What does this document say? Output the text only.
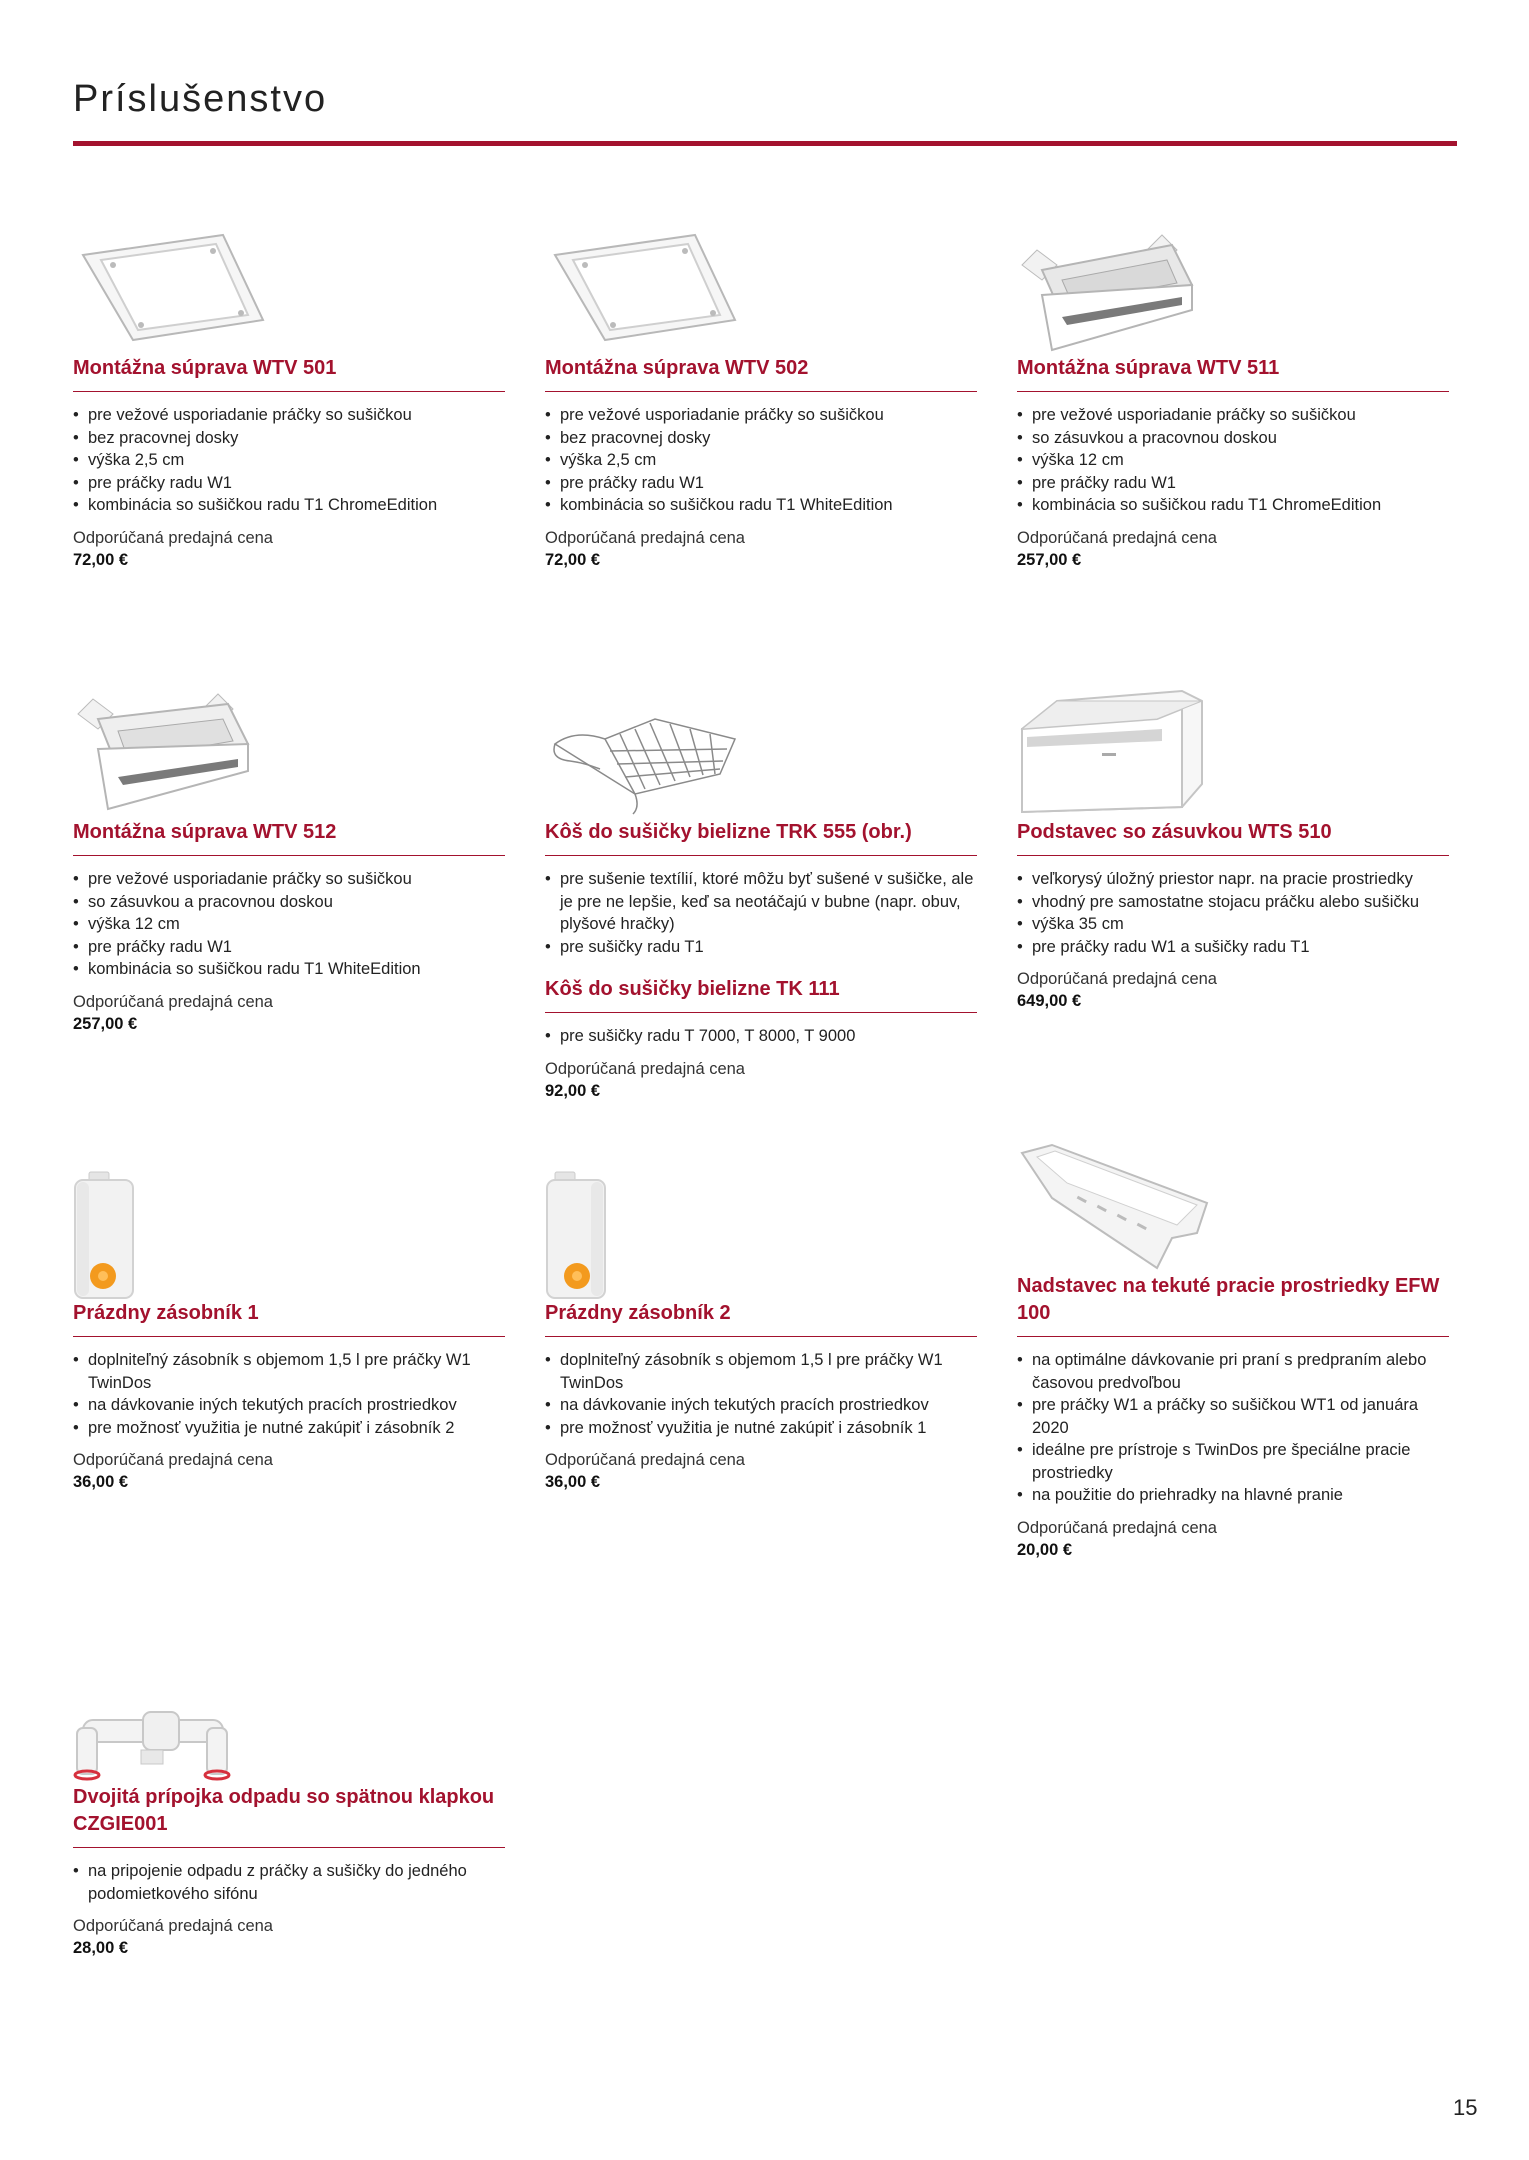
Príslušenstvo
Montážna súprava WTV 501
• pre vežové usporiadanie práčky so sušičkou
• bez pracovnej dosky
• výška 2,5 cm
• pre práčky radu W1
• kombinácia so sušičkou radu T1 ChromeEdition
Odporúčaná predajná cena
72,00 €
Montážna súprava WTV 502
• pre vežové usporiadanie práčky so sušičkou
• bez pracovnej dosky
• výška 2,5 cm
• pre práčky radu W1
• kombinácia so sušičkou radu T1 WhiteEdition
Odporúčaná predajná cena
72,00 €
Montážna súprava WTV 511
• pre vežové usporiadanie práčky so sušičkou
• so zásuvkou a pracovnou doskou
• výška 12 cm
• pre práčky radu W1
• kombinácia so sušičkou radu T1 ChromeEdition
Odporúčaná predajná cena
257,00 €
Montážna súprava WTV 512
• pre vežové usporiadanie práčky so sušičkou
• so zásuvkou a pracovnou doskou
• výška 12 cm
• pre práčky radu W1
• kombinácia so sušičkou radu T1 WhiteEdition
Odporúčaná predajná cena
257,00 €
Kôš do sušičky bielizne TRK 555 (obr.)
• pre sušenie textílií, ktoré môžu byť sušené v sušičke, ale je pre ne lepšie, keď sa neotáčajú v bubne (napr. obuv, plyšové hračky)
• pre sušičky radu T1
Kôš do sušičky bielizne TK 111
• pre sušičky radu T 7000, T 8000, T 9000
Odporúčaná predajná cena
92,00 €
Podstavec so zásuvkou WTS 510
• veľkorysý úložný priestor napr. na pracie prostriedky
• vhodný pre samostatne stojacu práčku alebo sušičku
• výška 35 cm
• pre práčky radu W1 a sušičky radu T1
Odporúčaná predajná cena
649,00 €
Prázdny zásobník 1
• doplniteľný zásobník s objemom 1,5 l pre práčky W1 TwinDos
• na dávkovanie iných tekutých pracích prostriedkov
• pre možnosť využitia je nutné zakúpiť i zásobník 2
Odporúčaná predajná cena
36,00 €
Prázdny zásobník 2
• doplniteľný zásobník s objemom 1,5 l pre práčky W1 TwinDos
• na dávkovanie iných tekutých pracích prostriedkov
• pre možnosť využitia je nutné zakúpiť i zásobník 1
Odporúčaná predajná cena
36,00 €
Nadstavec na tekuté pracie prostriedky EFW 100
• na optimálne dávkovanie pri praní s predpraním alebo časovou predvoľbou
• pre práčky W1 a práčky so sušičkou WT1 od januára 2020
• ideálne pre prístroje s TwinDos pre špeciálne pracie prostriedky
• na použitie do priehradky na hlavné pranie
Odporúčaná predajná cena
20,00 €
Dvojitá prípojka odpadu so spätnou klapkou CZGIE001
• na pripojenie odpadu z práčky a sušičky do jedného podomietkového sifónu
Odporúčaná predajná cena
28,00 €
15
